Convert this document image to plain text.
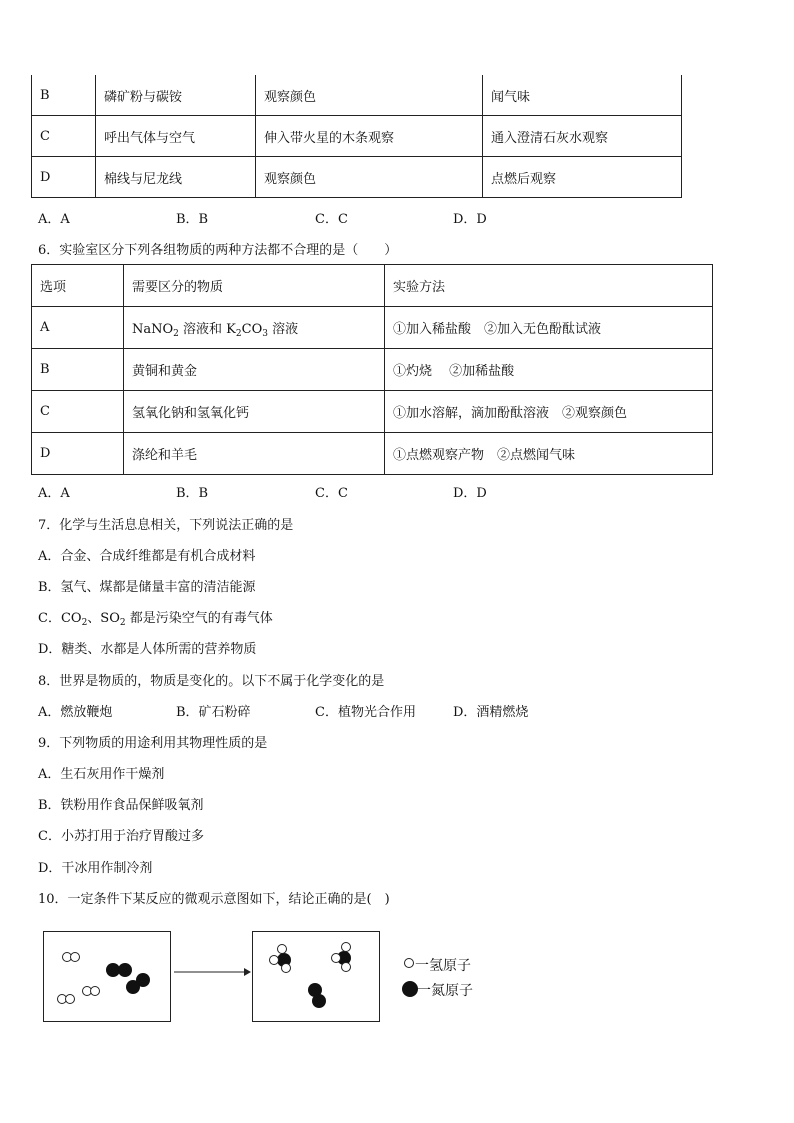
B	磷矿粉与碳铵	观察颜色	闻气味
C	呼出气体与空气	伸入带火星的木条观察	通入澄清石灰水观察
D	棉线与尼龙线	观察颜色	点燃后观察
A．A	B．B	C．C	D．D
6．实验室区分下列各组物质的两种方法都不合理的是（　　）
选项	需要区分的物质	实验方法
A	NaNO$_2$ 溶液和 $K_2CO_3$ 溶液	①加入稀盐酸　②加入无色酚酞试液
B	黄铜和黄金	①灼烧　 ②加稀盐酸
C	氢氧化钠和氢氧化钙	①加水溶解，滴加酚酞溶液　②观察颜色
D	涤纶和羊毛	①点燃观察产物　②点燃闻气味
A．A	B．B	C．C	D．D
7．化学与生活息息相关，下列说法正确的是
A．合金、合成纤维都是有机合成材料
B．氢气、煤都是储量丰富的清洁能源
C．$CO_2$、$SO_2$ 都是污染空气的有毒气体
D．糖类、水都是人体所需的营养物质
8．世界是物质的，物质是变化的。以下不属于化学变化的是
A．燃放鞭炮	B．矿石粉碎	C．植物光合作用	D．酒精燃烧
9．下列物质的用途利用其物理性质的是
A．生石灰用作干燥剂
B．铁粉用作食品保鲜吸氧剂
C．小苏打用于治疗胃酸过多
D．干冰用作制冷剂
10．一定条件下某反应的微观示意图如下，结论正确的是(　)
一氢原子
一氮原子
